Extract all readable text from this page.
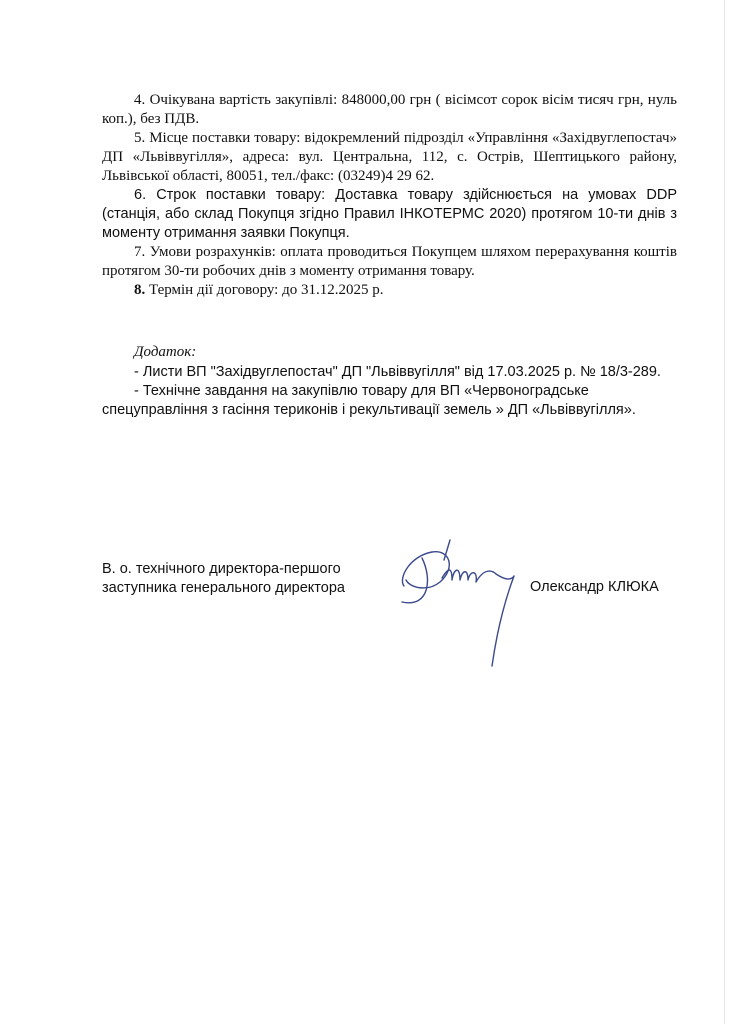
4. Очікувана вартість закупівлі: 848000,00 грн ( вісімсот сорок вісім тисяч грн, нуль коп.), без ПДВ.

5. Місце поставки товару: відокремлений підрозділ «Управління «Західвуглепостач» ДП «Львіввугілля», адреса: вул. Центральна, 112, с. Острів, Шептицького району, Львівської області, 80051, тел./факс: (03249)4 29 62.

6. Строк поставки товару: Доставка товару здійснюється на умовах DDP (станція, або склад Покупця згідно Правил ІНКОТЕРМС 2020) протягом 10-ти днів з моменту отримання заявки Покупця.

7. Умови розрахунків: оплата проводиться Покупцем шляхом перерахування коштів протягом 30-ти робочих днів з моменту отримання товару.

8. Термін дії договору: до 31.12.2025 р.

Додаток:

- Листи ВП "Західвуглепостач" ДП "Львіввугілля" від 17.03.2025 р. № 18/3-289.

- Технічне завдання на закупівлю товару для ВП «Червоноградське спецуправління з гасіння териконів і рекультивації земель » ДП «Львіввугілля».

В. о. технічного директора-першого
заступника генерального директора	Олександр КЛЮКА
